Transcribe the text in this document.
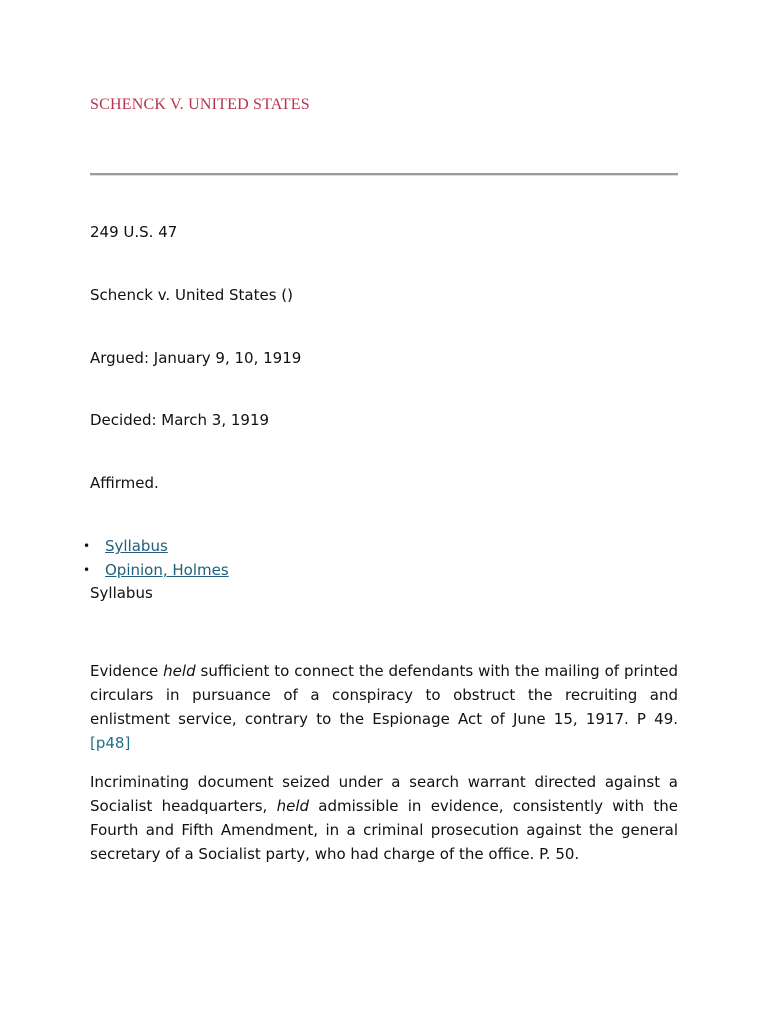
SCHENCK V. UNITED STATES
249 U.S. 47
Schenck v. United States ()
Argued: January 9, 10, 1919
Decided: March 3, 1919
Affirmed.
• Syllabus
• Opinion, Holmes
Syllabus

Evidence held sufficient to connect the defendants with the mailing of printed circulars in pursuance of a conspiracy to obstruct the recruiting and enlistment service, contrary to the Espionage Act of June 15, 1917. P 49. [p48]

Incriminating document seized under a search warrant directed against a Socialist headquarters, held admissible in evidence, consistently with the Fourth and Fifth Amendment, in a criminal prosecution against the general secretary of a Socialist party, who had charge of the office. P. 50.
